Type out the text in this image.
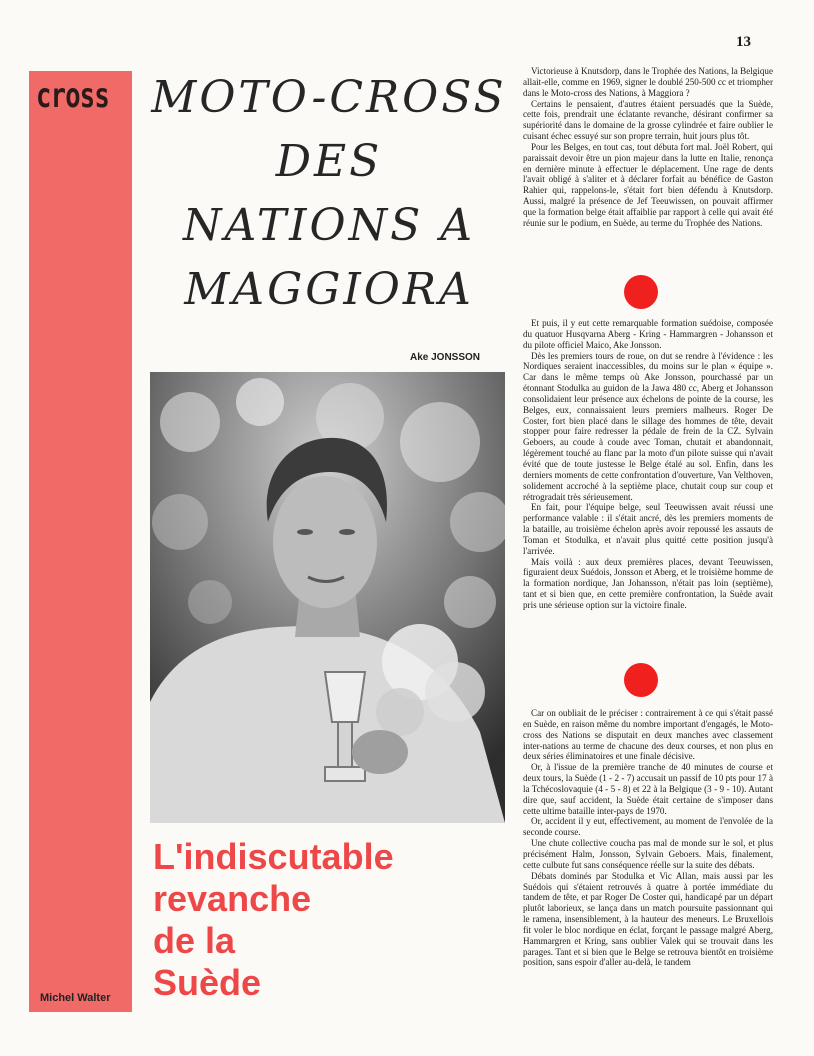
13
cross
Michel Walter
MOTO-CROSS
DES
NATIONS A
MAGGIORA
Ake JONSSON
L'indiscutable
revanche
de la
Suède

Victorieuse à Knutsdorp, dans le Trophée des Nations, la Belgique allait-elle, comme en 1969, signer le doublé 250-500 cc et triompher dans le Moto-cross des Nations, à Maggiora ?

Certains le pensaient, d'autres étaient persuadés que la Suède, cette fois, prendrait une éclatante revanche, désirant confirmer sa supériorité dans le domaine de la grosse cylindrée et faire oublier le cuisant échec essuyé sur son propre terrain, huit jours plus tôt.

Pour les Belges, en tout cas, tout débuta fort mal. Joël Robert, qui paraissait devoir être un pion majeur dans la lutte en Italie, renonça en dernière minute à effectuer le déplacement. Une rage de dents l'avait obligé à s'aliter et à déclarer forfait au bénéfice de Gaston Rahier qui, rappelons-le, s'était fort bien défendu à Knutsdorp. Aussi, malgré la présence de Jef Teeuwissen, on pouvait affirmer que la formation belge était affaiblie par rapport à celle qui avait été réunie sur le podium, en Suède, au terme du Trophée des Nations.

Et puis, il y eut cette remarquable formation suédoise, composée du quatuor Husqvarna Aberg - Kring - Hammargren - Johansson et du pilote officiel Maico, Ake Jonsson.

Dès les premiers tours de roue, on dut se rendre à l'évidence : les Nordiques seraient inaccessibles, du moins sur le plan « équipe ». Car dans le même temps où Ake Jonsson, pourchassé par un étonnant Stodulka au guidon de la Jawa 480 cc, Aberg et Johansson consolidaient leur présence aux échelons de pointe de la course, les Belges, eux, connaissaient leurs premiers malheurs. Roger De Coster, fort bien placé dans le sillage des hommes de tête, devait stopper pour faire redresser la pédale de frein de la CZ. Sylvain Geboers, au coude à coude avec Toman, chutait et abandonnait, légèrement touché au flanc par la moto d'un pilote suisse qui n'avait évité que de toute justesse le Belge étalé au sol. Enfin, dans les derniers moments de cette confrontation d'ouverture, Van Velthoven, solidement accroché à la septième place, chutait coup sur coup et rétrogradait très sérieusement.

En fait, pour l'équipe belge, seul Teeuwissen avait réussi une performance valable : il s'était ancré, dès les premiers moments de la bataille, au troisième échelon après avoir repoussé les assauts de Toman et Stodulka, et n'avait plus quitté cette position jusqu'à l'arrivée.

Mais voilà : aux deux premières places, devant Teeuwissen, figuraient deux Suédois, Jonsson et Aberg, et le troisième homme de la formation nordique, Jan Johansson, n'était pas loin (septième), tant et si bien que, en cette première confrontation, la Suède avait pris une sérieuse option sur la victoire finale.

Car on oubliait de le préciser : contrairement à ce qui s'était passé en Suède, en raison même du nombre important d'engagés, le Moto-cross des Nations se disputait en deux manches avec classement inter-nations au terme de chacune des deux courses, et non plus en deux séries éliminatoires et une finale décisive.

Or, à l'issue de la première tranche de 40 minutes de course et deux tours, la Suède (1 - 2 - 7) accusait un passif de 10 pts pour 17 à la Tchécoslovaquie (4 - 5 - 8) et 22 à la Belgique (3 - 9 - 10). Autant dire que, sauf accident, la Suède était certaine de s'imposer dans cette ultime bataille inter-pays de 1970.

Or, accident il y eut, effectivement, au moment de l'envolée de la seconde course.

Une chute collective coucha pas mal de monde sur le sol, et plus précisément Halm, Jonsson, Sylvain Geboers. Mais, finalement, cette culbute fut sans conséquence réelle sur la suite des débats.

Débats dominés par Stodulka et Vic Allan, mais aussi par les Suédois qui s'étaient retrouvés à quatre à portée immédiate du tandem de tête, et par Roger De Coster qui, handicapé par un départ plutôt laborieux, se lança dans un match poursuite passionnant qui le ramena, insensiblement, à la hauteur des meneurs. Le Bruxellois fit voler le bloc nordique en éclat, forçant le passage malgré Aberg, Hammargren et Kring, sans oublier Valek qui se trouvait dans les parages. Tant et si bien que le Belge se retrouva bientôt en troisième position, sans espoir d'aller au-delà, le tandem
